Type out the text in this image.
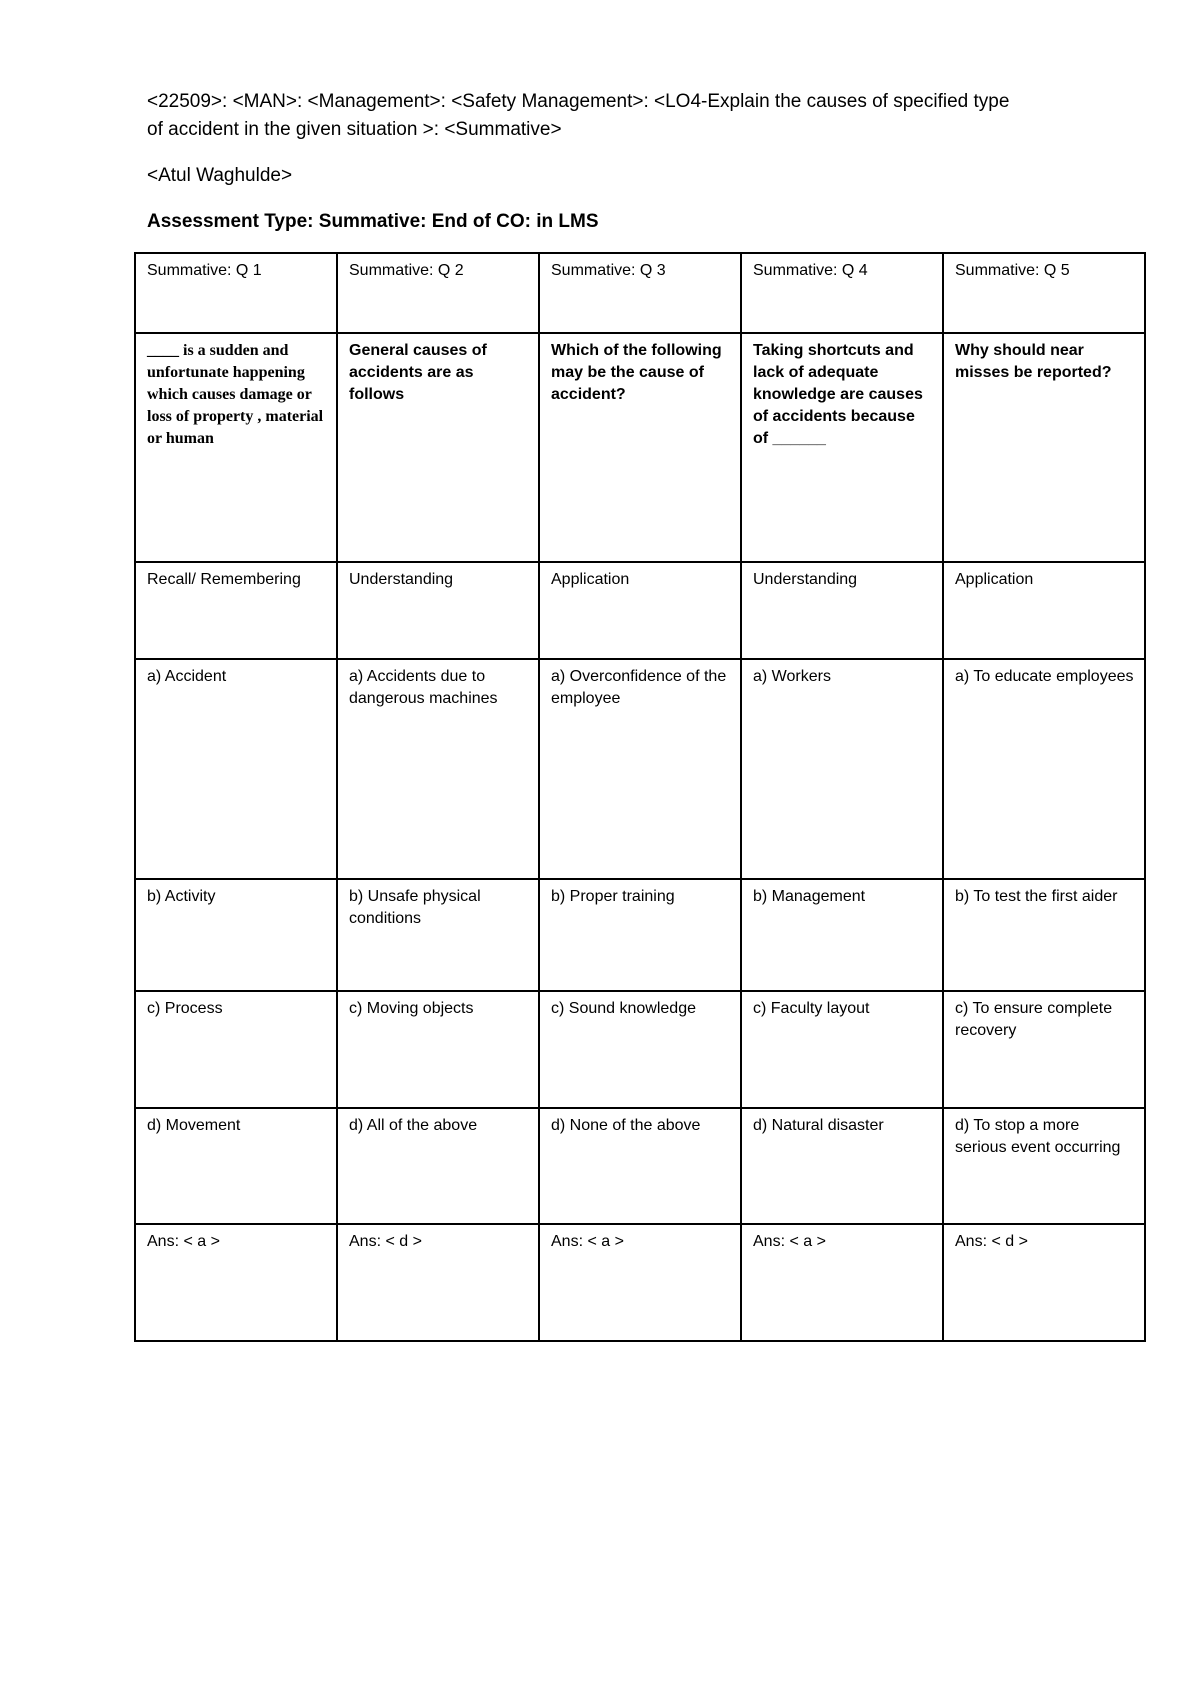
<22509>: <MAN>: <Management>: <Safety Management>: <LO4-Explain the causes of specified type
of accident in the given situation >: <Summative>
<Atul Waghulde>
Assessment Type: Summative: End of CO: in LMS
Summative: Q 1	Summative: Q 2	Summative: Q 3	Summative: Q 4	Summative: Q 5
____ is a sudden and unfortunate happening which causes damage or loss of property , material or human	General causes of accidents are as follows	Which of the following may be the cause of accident?	Taking shortcuts and lack of adequate knowledge are causes of accidents because of ______	Why should near misses be reported?
Recall/ Remembering	Understanding	Application	Understanding	Application
a) Accident	a) Accidents due to dangerous machines	a) Overconfidence of the employee	a) Workers	a) To educate employees
b) Activity	b) Unsafe physical conditions	b) Proper training	b) Management	b) To test the first aider
c) Process	c) Moving objects	c) Sound knowledge	c) Faculty layout	c) To ensure complete recovery
d) Movement	d) All of the above	d) None of the above	d) Natural disaster	d) To stop a more serious event occurring
Ans: < a >	Ans: < d >	Ans: < a >	Ans: < a >	Ans: < d >
